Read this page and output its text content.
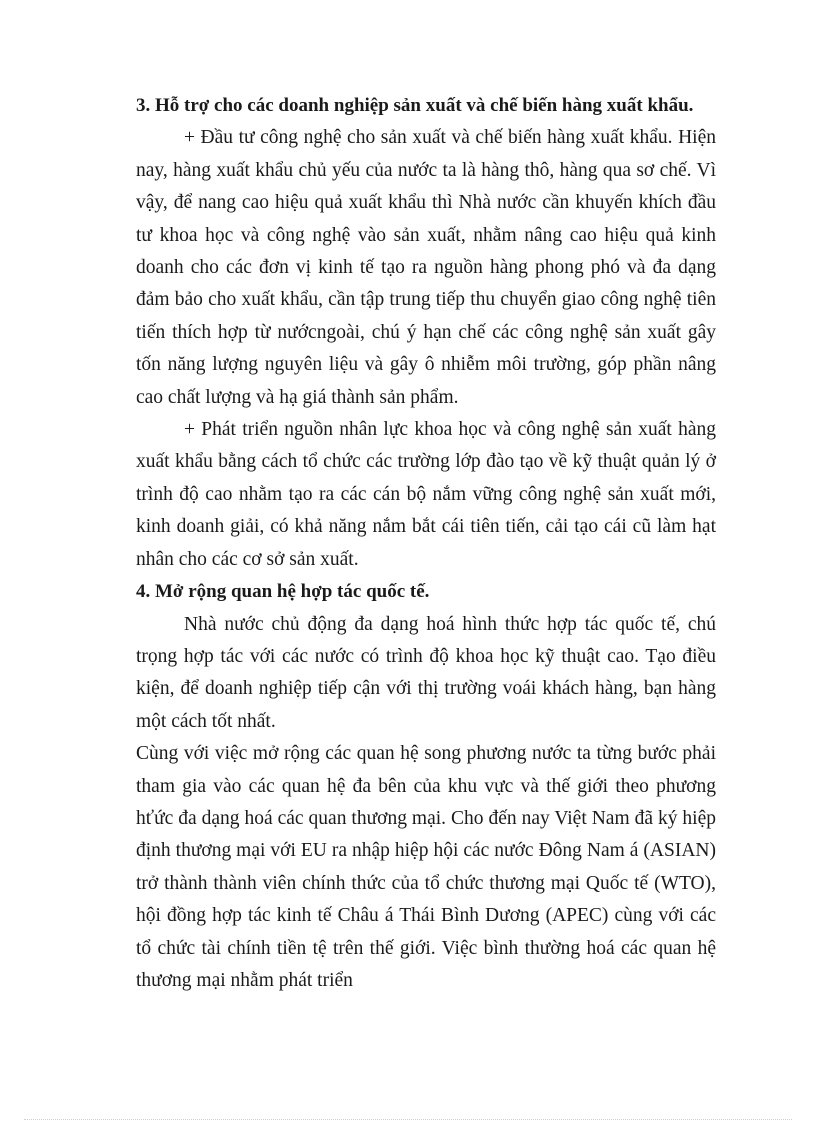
3. Hỗ trợ cho các doanh nghiệp sản xuất và chế biến hàng xuất khẩu.

+ Đầu tư công nghệ cho sản xuất và chế biến hàng xuất khẩu. Hiện nay, hàng xuất khẩu chủ yếu của nước ta là hàng thô, hàng qua sơ chế. Vì vậy, để nang cao hiệu quả xuất khẩu thì Nhà nước cần khuyến khích đầu tư khoa học và công nghệ vào sản xuất, nhằm nâng cao hiệu quả kinh doanh cho các đơn vị kinh tế tạo ra nguồn hàng phong phó và đa dạng đảm bảo cho xuất khẩu, cần tập trung tiếp thu chuyển giao công nghệ tiên tiến thích hợp từ nướcngoài, chú ý hạn chế các công nghệ sản xuất gây tốn năng lượng nguyên liệu và gây ô nhiễm môi trường, góp phần nâng cao chất lượng và hạ giá thành sản phẩm.

+ Phát triển nguồn nhân lực khoa học và công nghệ sản xuất hàng xuất khẩu bằng cách tổ chức các trường lớp đào tạo về kỹ thuật quản lý ở trình độ cao nhằm tạo ra các cán bộ nắm vững công nghệ sản xuất mới, kinh doanh giải, có khả năng nắm bắt cái tiên tiến, cải tạo cái cũ làm hạt nhân cho các cơ sở sản xuất.

4. Mở rộng quan hệ hợp tác quốc tế.

Nhà nước chủ động đa dạng hoá hình thức hợp tác quốc tế, chú trọng hợp tác với các nước có trình độ khoa học kỹ thuật cao. Tạo điều kiện, để doanh nghiệp tiếp cận với thị trường voái khách hàng, bạn hàng một cách tốt nhất.

Cùng với việc mở rộng các quan hệ song phương nước ta từng bước phải tham gia vào các quan hệ đa bên của khu vực và thế giới theo phương hťức đa dạng hoá các quan thương mại. Cho đến nay Việt Nam đã ký hiệp định thương mại với EU ra nhập hiệp hội các nước Đông Nam á (ASIAN) trở thành thành viên chính thức của tổ chức thương mại Quốc tế (WTO), hội đồng hợp tác kinh tế Châu á Thái Bình Dương (APEC) cùng với các tổ chức tài chính tiền tệ trên thế giới. Việc bình thường hoá các quan hệ thương mại nhằm phát triển
